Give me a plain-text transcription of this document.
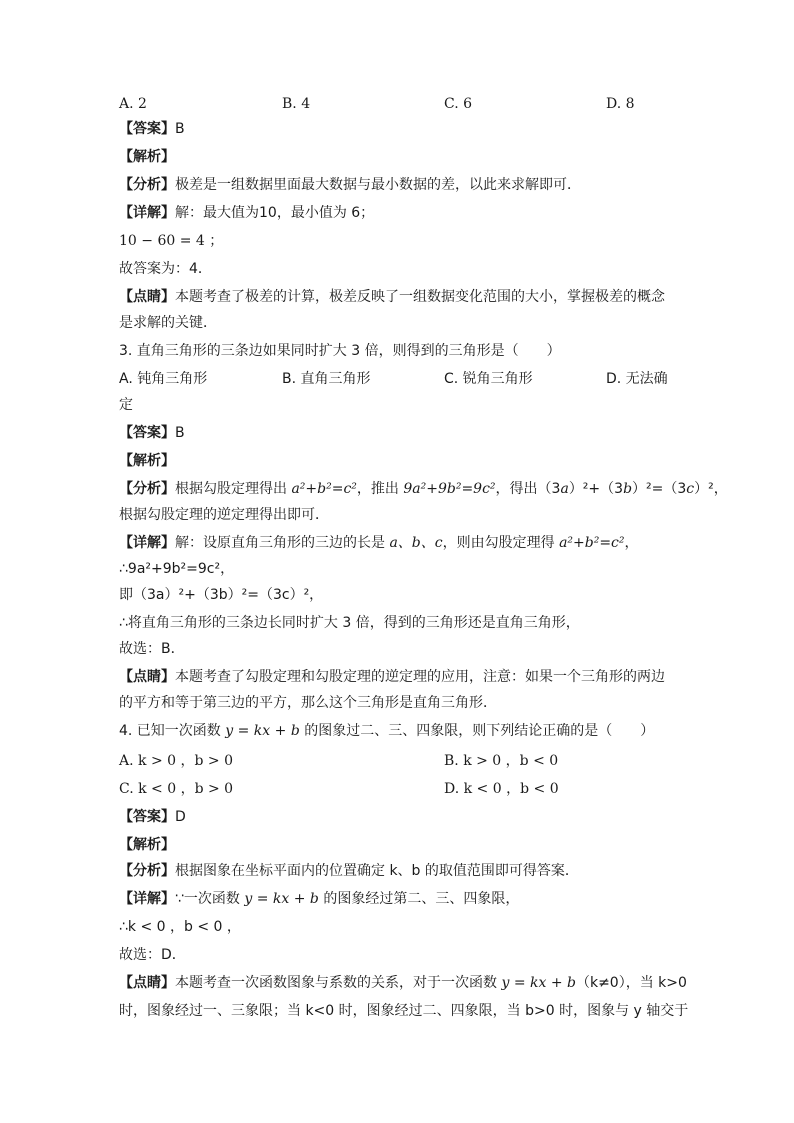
A. 2	B. 4	C. 6	D. 8
【答案】B
【解析】
【分析】极差是一组数据里面最大数据与最小数据的差，以此来求解即可．
【详解】解：最大值为10，最小值为 6；
10 − 60 = 4 ；
故答案为：4．
【点睛】本题考查了极差的计算，极差反映了一组数据变化范围的大小，掌握极差的概念
是求解的关键．
3. 直角三角形的三条边如果同时扩大 3 倍，则得到的三角形是（　　）
A. 钝角三角形	B. 直角三角形	C. 锐角三角形	D. 无法确
定
【答案】B
【解析】
【分析】根据勾股定理得出 a²+b²=c²，推出 9a²+9b²=9c²，得出（3a）²+（3b）²=（3c）²，
根据勾股定理的逆定理得出即可．
【详解】解：设原直角三角形的三边的长是 a、b、c，则由勾股定理得 a²+b²=c²，
∴9a²+9b²=9c²，
即（3a）²+（3b）²=（3c）²，
∴将直角三角形的三条边长同时扩大 3 倍，得到的三角形还是直角三角形，
故选：B．
【点睛】本题考查了勾股定理和勾股定理的逆定理的应用，注意：如果一个三角形的两边
的平方和等于第三边的平方，那么这个三角形是直角三角形．
4. 已知一次函数 y = kx + b 的图象过二、三、四象限，则下列结论正确的是（　　）
A. k > 0 ，b > 0	B. k > 0 ，b < 0
C. k < 0 ，b > 0	D. k < 0 ，b < 0
【答案】D
【解析】
【分析】根据图象在坐标平面内的位置确定 k、b 的取值范围即可得答案．
【详解】∵一次函数 y = kx + b 的图象经过第二、三、四象限，
∴k < 0 ，b < 0 ，
故选：D．
【点睛】本题考查一次函数图象与系数的关系，对于一次函数 y = kx + b（k≠0），当 k>0
时，图象经过一、三象限；当 k<0 时，图象经过二、四象限，当 b>0 时，图象与 y 轴交于
